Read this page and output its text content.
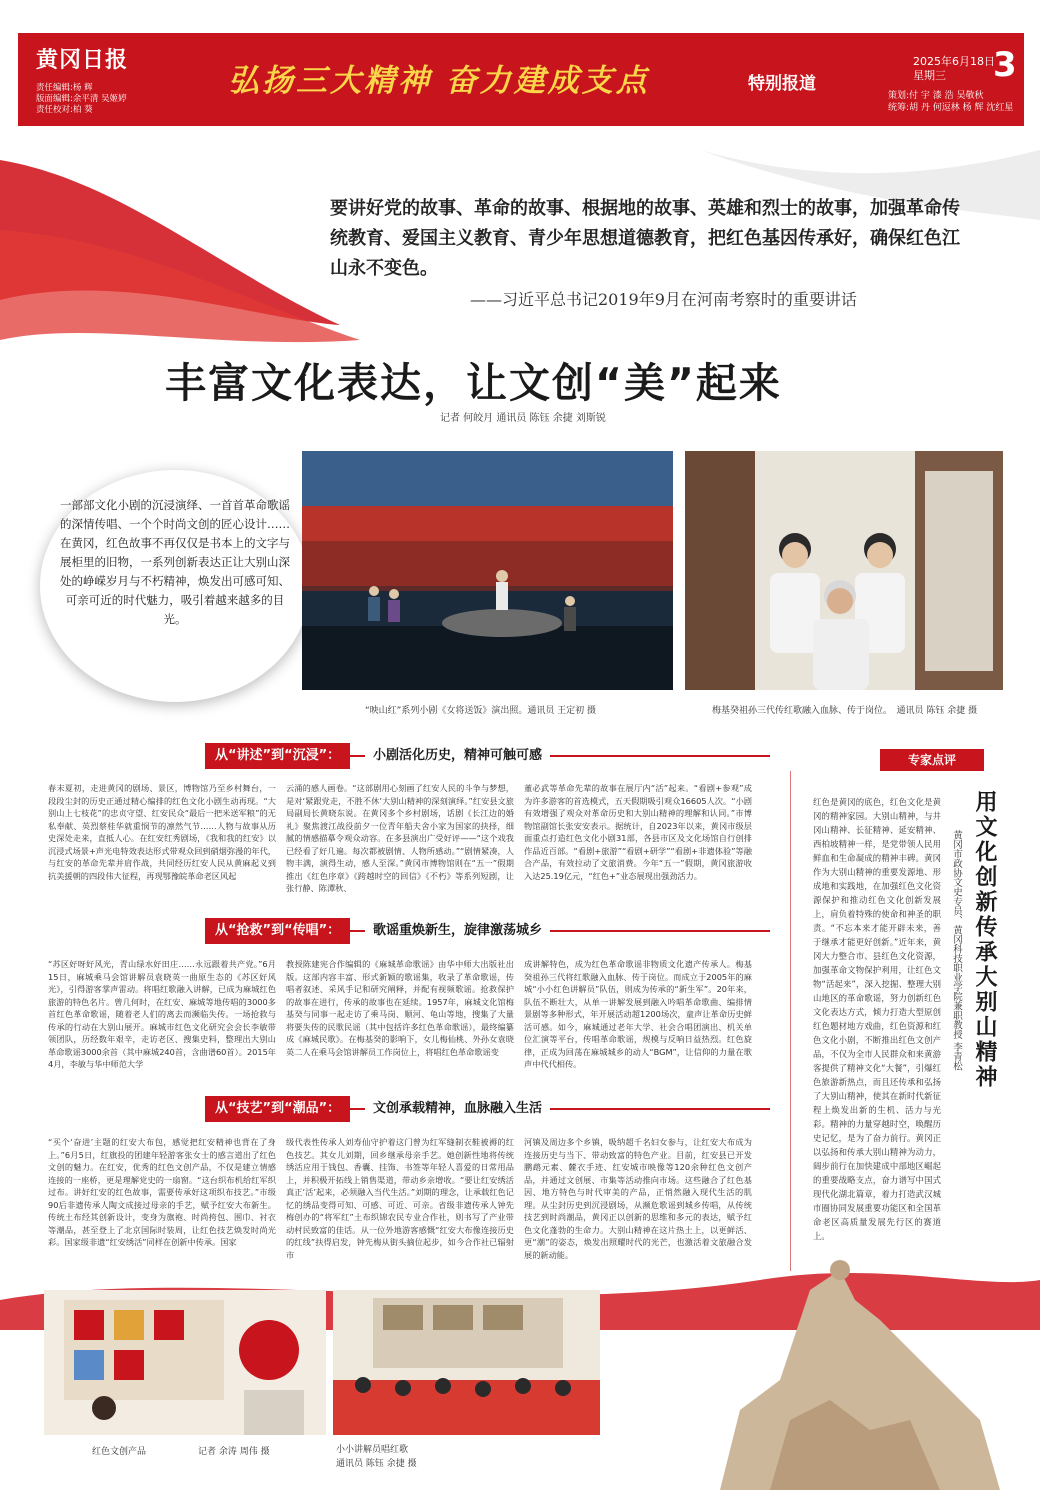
黄冈日报
责任编辑:杨 辉
版面编辑:余平清 吴姬婷
责任校对:柏 葵
弘扬三大精神 奋力建成支点	特别报道
2025年6月18日
星期三	3
策划:付 宇 漆 浩 吴敬秋
统筹:胡 丹 何逗林 杨 辉 沈红星
要讲好党的故事、革命的故事、根据地的故事、英雄和烈士的故事，加强革命传统教育、爱国主义教育、青少年思想道德教育，把红色基因传承好，确保红色江山永不变色。
——习近平总书记2019年9月在河南考察时的重要讲话
丰富文化表达，让文创“美”起来
记者 何皎月 通讯员 陈钰 余捷 刘斯锐
一部部文化小剧的沉浸演绎、一首首革命歌谣的深情传唱、一个个时尚文创的匠心设计……在黄冈，红色故事不再仅仅是书本上的文字与展柜里的旧物，一系列创新表达正让大别山深处的峥嵘岁月与不朽精神，焕发出可感可知、可亲可近的时代魅力，吸引着越来越多的目光。
“映山红”系列小剧《女将送饭》演出照。通讯员 王定初 摄	梅基癸祖孙三代传红歌融入血脉、传于岗位。　通讯员 陈钰 余捷 摄
从“讲述”到“沉浸”：	小剧活化历史，精神可触可感
春末夏初，走进黄冈的剧场、景区，博物馆乃至乡村舞台，一段段尘封的历史正通过精心编排的红色文化小剧生动再现。“大别山上七枝花”的忠贞守望、红安民众“最后一把米送军粮”的无私奉献、英烈蔡桂华就重悯节的凛然气节……人物与故事从历史深处走来，直抵人心。在红安红秀剧场，《我和我的红安》以沉浸式场景+声光电特效表达形式带观众回到硝烟弥漫的年代，与红安的革命先辈并肩作战，共同经历红安人民从黄麻起义到抗美援朝的四段伟大征程，再现鄂豫皖革命老区风起
云涌的感人画卷。“这部剧用心刻画了红安人民的斗争与梦想，是对‘紧跟党走，不胜不休’大别山精神的深刻演绎。”红安县文旅局副局长黄晓东说。在黄冈多个乡村剧场，话剧《长江边的婚礼》聚焦渡江战役前夕一位青年船夫舍小家为国家的抉择，细腻的情感描摹令观众动容。在多县演出广受好评——“这个戏我已经看了好几遍。每次都被剧情、人物所感动。”“剧情紧凑，人物丰满，演得生动，感人至深。”黄冈市博物馆则在“五一”假期推出《红色序章》《跨越时空的回信》《不朽》等系列短剧，让张行静、陈潭秋、
董必武等革命先辈的故事在展厅内“活”起来。“看剧+参观”成为许多游客的首选模式，五天假期吸引观众16605人次。“小剧有效增强了观众对革命历史和大别山精神的理解和认同。”市博物馆副馆长张安安表示。据统计，自2023年以来，黄冈市级层面重点打造红色文化小剧31部，各县市区及文化场馆自行创排作品近百部。“看剧+旅游”“看剧+研学”“看剧+非遗体验”等融合产品，有效拉动了文旅消费。今年“五一”假期，黄冈旅游收入达25.19亿元，“红色+”业态展现出强劲活力。
从“抢救”到“传唱”：	歌谣重焕新生，旋律激荡城乡
“苏区好呀好风光，青山绿水好田庄……永远跟着共产党。”6月15日，麻城乘马会馆讲解员袁晓英一曲原生态的《苏区好风光》，引得游客掌声雷动。将唱红歌融入讲解，已成为麻城红色旅游的特色名片。曾几何时，在红安、麻城等地传唱的3000多首红色革命歌谣，随着老人们的离去而濒临失传。一场抢救与传承的行动在大别山展开。麻城市红色文化研究会会长李敏带领团队，历经数年艰辛，走访老区、搜集史料，整理出大别山革命歌谣3000余首（其中麻城240首，含曲谱60首）。2015年4月，李敏与华中师范大学
教授陈建宪合作编辑的《麻城革命歌谣》由华中师大出版社出版。这部内容丰富、形式新颖的歌谣集，收录了革命歌谣，传唱者叙述、采风手记和研究阐释，并配有视频歌谣。抢救保护的故事在进行，传承的故事也在延续。1957年，麻城文化馆梅基癸与同事一起走访了乘马岗、顺河、龟山等地，搜集了大量将要失传的民歌民谣（其中包括许多红色革命歌谣），最终编纂成《麻城民歌》。在梅基癸的影响下，女儿梅仙桃、外孙女袁晓英二人在乘马会馆讲解员工作岗位上，将唱红色革命歌谣变
成讲解特色，成为红色革命歌谣非物质文化遗产传承人。梅基癸祖孙三代将红歌融入血脉、传于岗位。而成立于2005年的麻城“小小红色讲解员”队伍，则成为传承的“新生军”。20年来，队伍不断壮大，从单一讲解发展到融入吟唱革命歌曲、编排情景剧等多种形式，年开展活动超1200场次，童声让革命历史鲜活可感。如今，麻城通过老年大学、社会合唱团演出、机关单位汇演等平台，传唱革命歌谣，规模与反响日益热烈。红色旋律，正成为回荡在麻城城乡的动人“BGM”，让信仰的力量在歌声中代代相传。
从“技艺”到“潮品”：	文创承载精神，血脉融入生活
“买个‘奋进’主题的红安大布包，感觉把红安精神也背在了身上。”6月5日，红旗投的团建年轻游客张女士的感言道出了红色文创的魅力。在红安，优秀的红色文创产品，不仅是建立情感连接的一座桥，更是理解党史的一扇窗。“这台织布机给红军织过布。讲好红安的红色故事，需要传承好这项织布技艺。”市级90后非遗传承人陶文成接过母亲的手艺，赋予红安大布新生。传统土布经其创新设计，变身为旗袍、时尚挎包、围巾、衬衣等潮品，甚至登上了北京国际时装周，让红色技艺焕发时尚光彩。国家级非遗“红安绣活”同样在创新中传承。国家
级代表性传承人刘寿仙守护着这门曾为红军缝制衣鞋被褥的红色技艺。其女儿刘期，回乡继承母亲手艺。她创新性地将传统绣活应用于钱包、香囊、挂饰、书签等年轻人喜爱的日常用品上，并积极开拓线上销售渠道，带动乡亲增收。“要让红安绣活真正‘活’起来，必须融入当代生活。”刘期的理念，让承载红色记忆的绣品变得可知、可感、可近、可亲。省级非遗传承人钟先梅创办的“将军红”土布织锦农民专业合作社，则书写了产业带动村民致富的佳话。从一位外地游客感慨“红安大布像连接历史的红线”扶得启发，钟先梅从街头摘位起步，如今合作社已辐射市
河镇及周边多个乡镇，吸纳超千名妇女参与，让红安大布成为连接历史与当下、带动致富的特色产业。目前，红安县已开发鹏鹉元素、麓衣手迹、红安城市映像等120余种红色文创产品，并通过文创展、市集等活动推向市场。这些融合了红色基因、地方特色与时代审美的产品，正悄然融入现代生活的肌理。从尘封历史到沉浸剧场，从濒危歌谣到城乡传唱，从传统技艺到时尚潮品，黄冈正以创新的思维和多元的表达，赋予红色文化蓬勃的生命力。大别山精神在这片热土上，以更鲜活、更“潮”的姿态，焕发出照耀时代的光芒，也激活着文旅融合发展的新动能。
专家点评
红色是黄冈的底色，红色文化是黄冈的精神家园。大别山精神，与井冈山精神、长征精神、延安精神、西柏坡精神一样，是党带领人民用鲜血和生命凝成的精神丰碑。黄冈作为大别山精神的重要发源地、形成地和实践地，在加强红色文化资源保护和推动红色文化创新发展上，肩负着特殊的使命和神圣的职责。“不忘本来才能开辟未来，善于继承才能更好创新。”近年来，黄冈大力整合市、县红色文化资源，加强革命文物保护利用，让红色文物“活起来”，深入挖掘、整理大别山地区的革命歌谣，努力创新红色文化表达方式，倾力打造大型原创红色题材地方戏曲，红色资源和红色文化小剧，不断推出红色文创产品，不仅为全市人民群众和来黄游客提供了精神文化“大餐”，引爆红色旅游新热点，而且还传承和弘扬了大别山精神，使其在新时代新征程上焕发出新的生机、活力与光彩。精神的力量穿越时空，唤醒历史记忆，是为了奋力前行。黄冈正以弘扬和传承大别山精神为动力，阔步前行在加快建成中部地区崛起的重要战略支点，奋力谱写中国式现代化湖北篇章，着力打造武汉城市圈协同发展重要功能区和全国革命老区高质量发展先行区的赛道上。
用文化创新传承大别山精神
黄冈市政协文史专员、黄冈科技职业学院兼职教授 李青松
红色文创产品	记者 余涛 周伟 摄	小小讲解员唱红歌
通讯员 陈钰 余捷 摄
